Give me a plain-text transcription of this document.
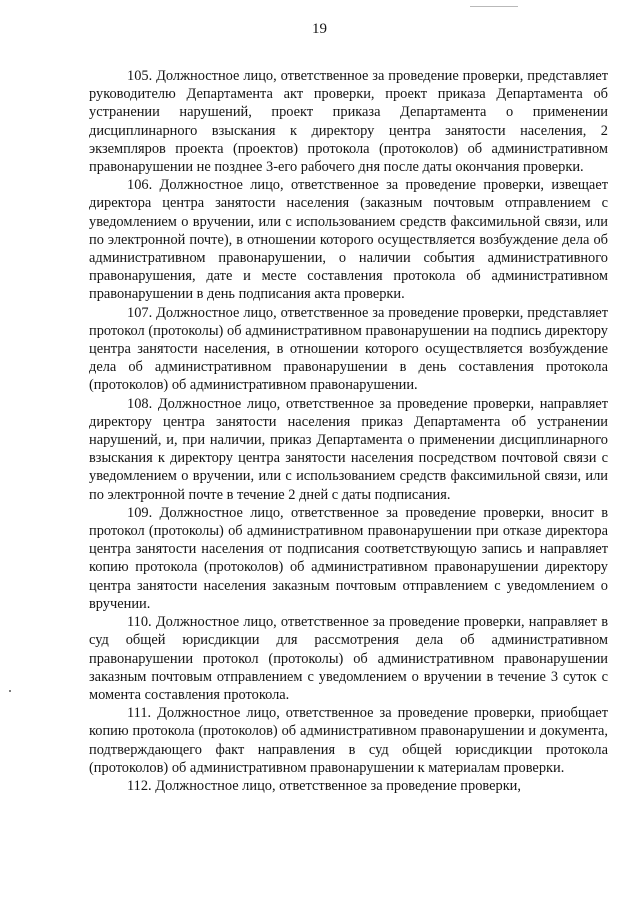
19

105. Должностное лицо, ответственное за проведение проверки, представляет руководителю Департамента акт проверки, проект приказа Департамента об устранении нарушений, проект приказа Департамента о применении дисциплинарного взыскания к директору центра занятости населения, 2 экземпляров проекта (проектов) протокола (протоколов) об административном правонарушении не позднее 3-его рабочего дня после даты окончания проверки.

106. Должностное лицо, ответственное за проведение проверки, извещает директора центра занятости населения (заказным почтовым отправлением с уведомлением о вручении, или с использованием средств факсимильной связи, или по электронной почте), в отношении которого осуществляется возбуждение дела об административном правонарушении, о наличии события административного правонарушения, дате и месте составления протокола об административном правонарушении в день подписания акта проверки.

107. Должностное лицо, ответственное за проведение проверки, представляет протокол (протоколы) об административном правонарушении на подпись директору центра занятости населения, в отношении которого осуществляется возбуждение дела об административном правонарушении в день составления протокола (протоколов) об административном правонарушении.

108. Должностное лицо, ответственное за проведение проверки, направляет директору центра занятости населения приказ Департамента об устранении нарушений, и, при наличии, приказ Департамента о применении дисциплинарного взыскания к директору центра занятости населения посредством почтовой связи с уведомлением о вручении, или с использованием средств факсимильной связи, или по электронной почте в течение 2 дней с даты подписания.

109. Должностное лицо, ответственное за проведение проверки, вносит в протокол (протоколы) об административном правонарушении при отказе директора центра занятости населения от подписания соответствующую запись и направляет копию протокола (протоколов) об административном правонарушении директору центра занятости населения заказным почтовым отправлением с уведомлением о вручении.

110. Должностное лицо, ответственное за проведение проверки, направляет в суд общей юрисдикции для рассмотрения дела об административном правонарушении протокол (протоколы) об административном правонарушении заказным почтовым отправлением с уведомлением о вручении в течение 3 суток с момента составления протокола.

111. Должностное лицо, ответственное за проведение проверки, приобщает копию протокола (протоколов) об административном правонарушении и документа, подтверждающего факт направления в суд общей юрисдикции протокола (протоколов) об административном правонарушении к материалам проверки.

112. Должностное лицо, ответственное за проведение проверки,
